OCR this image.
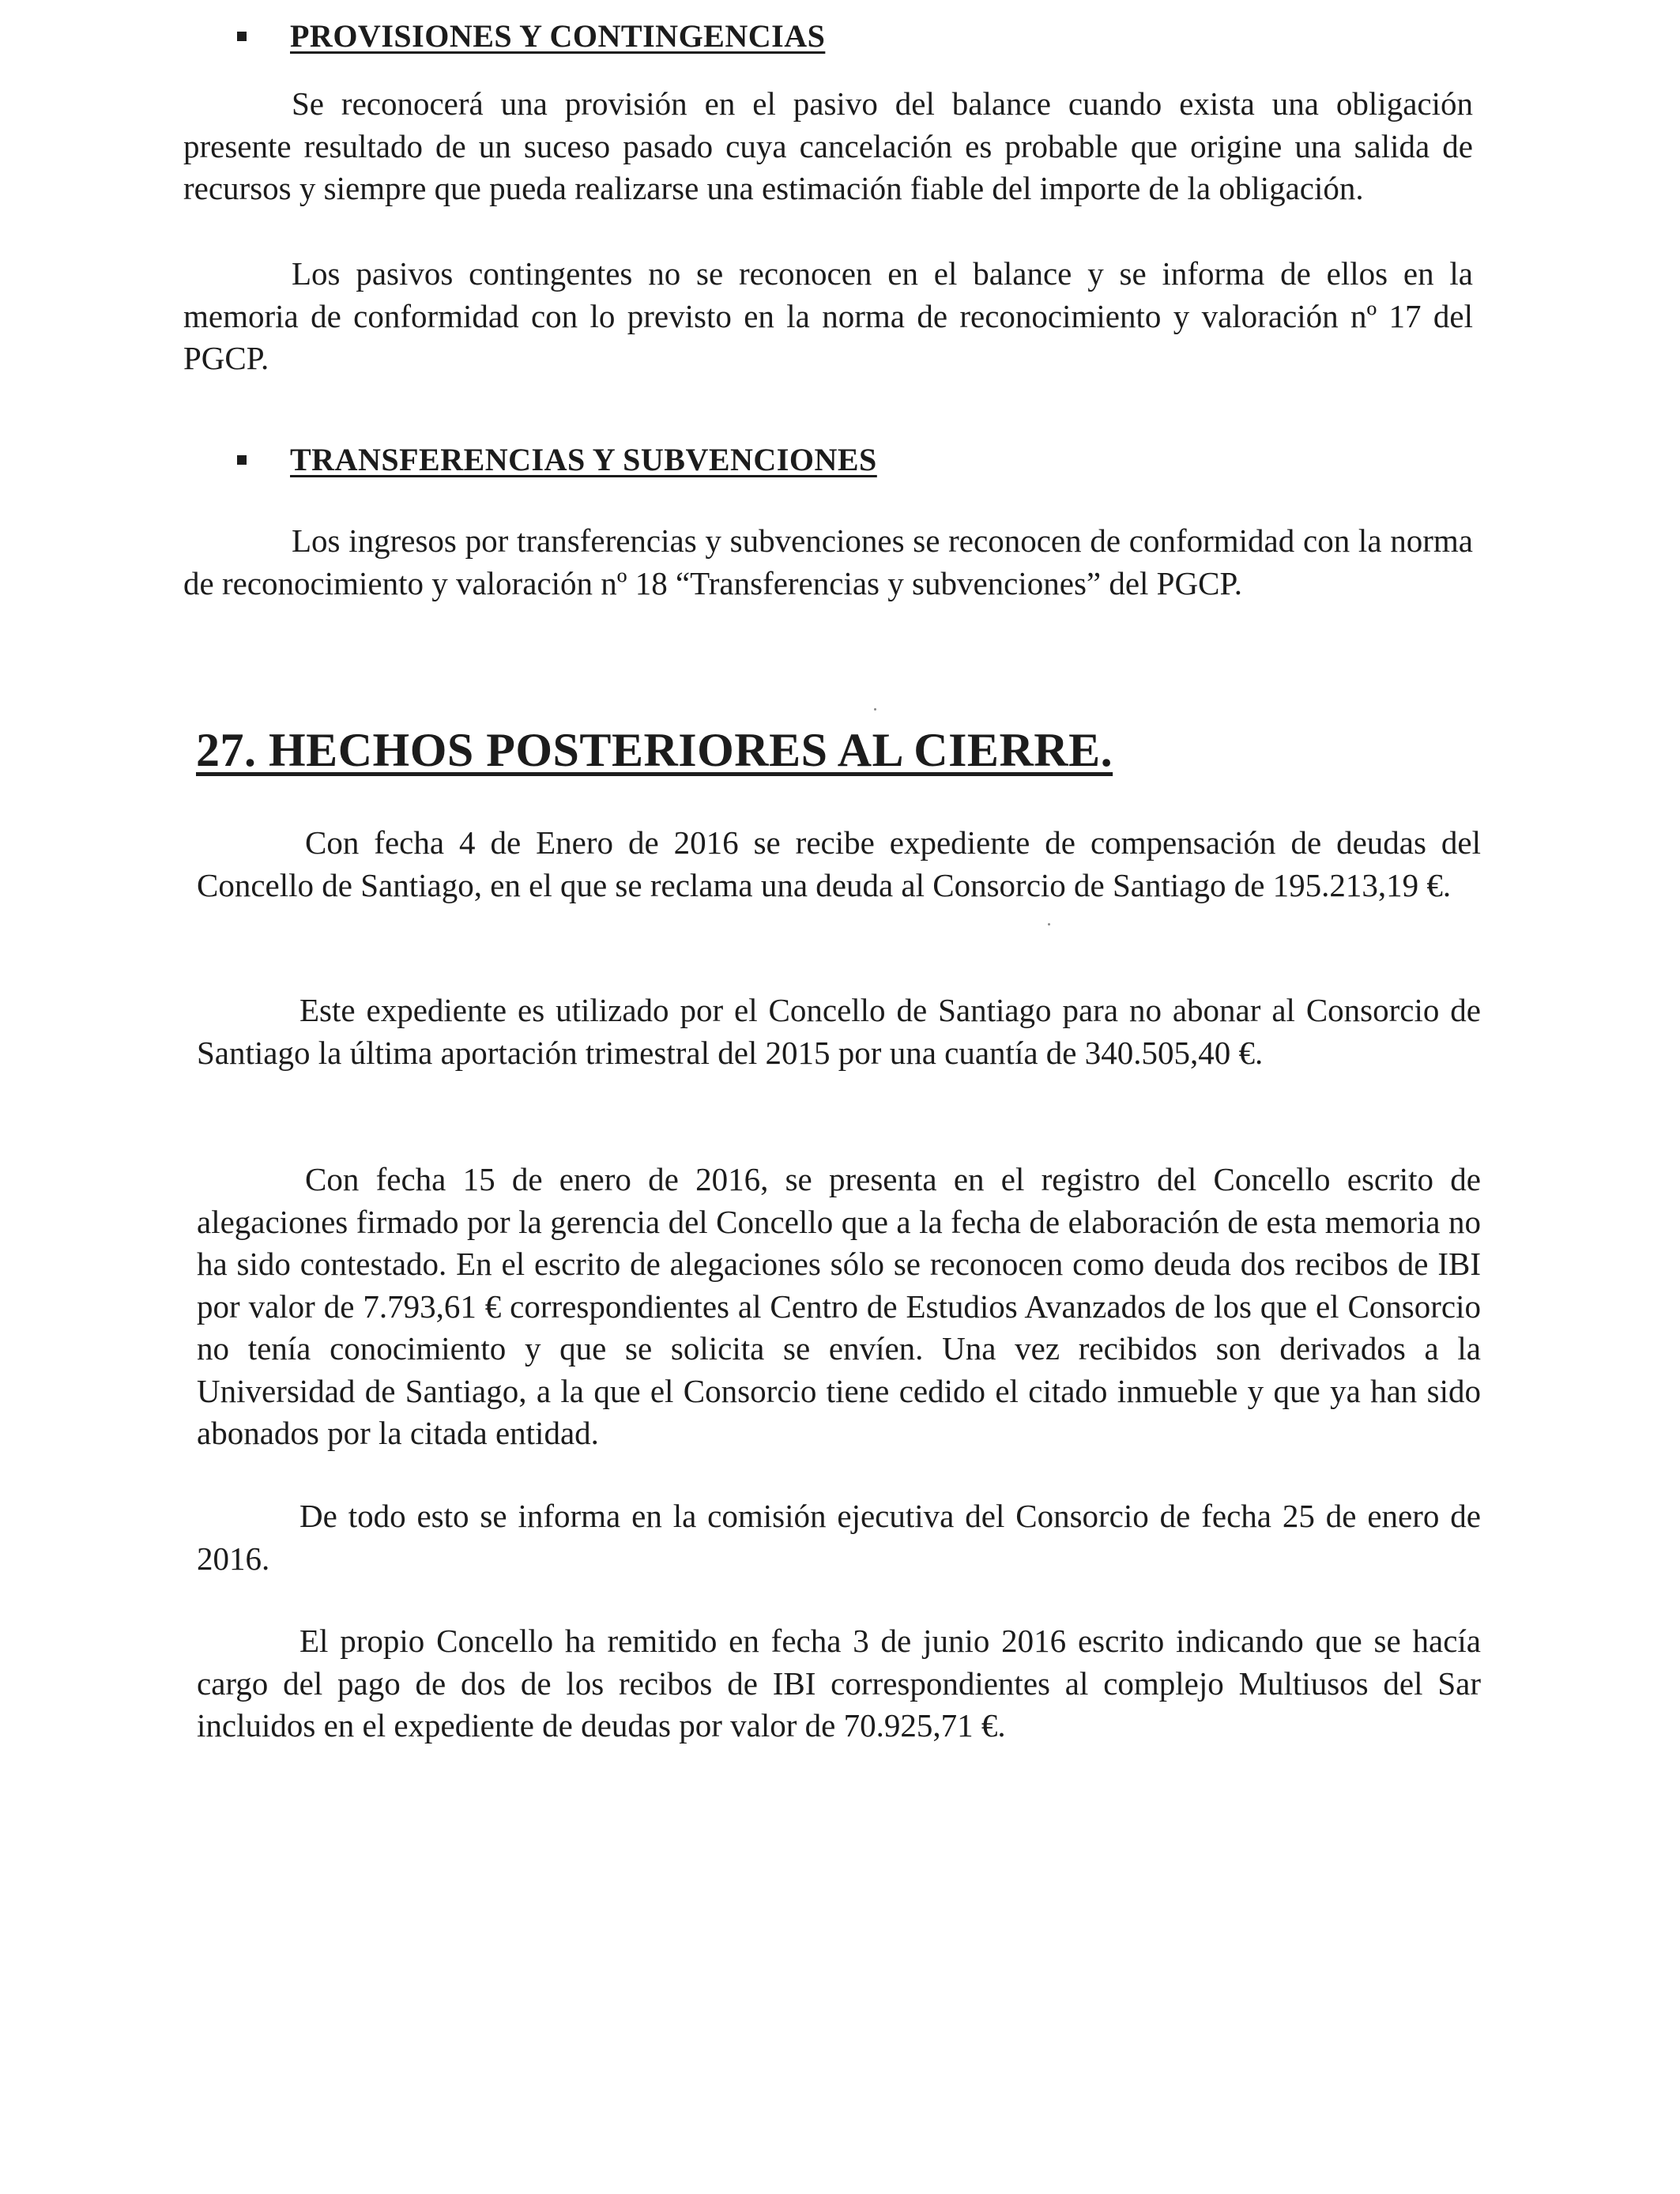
PROVISIONES Y CONTINGENCIAS

Se reconocerá una provisión en el pasivo del balance cuando exista una obligación presente resultado de un suceso pasado cuya cancelación es probable que origine una salida de recursos y siempre que pueda realizarse una estimación fiable del importe de la obligación.

Los pasivos contingentes no se reconocen en el balance y se informa de ellos en la memoria de conformidad con lo previsto en la norma de reconocimiento y valoración nº 17 del PGCP.

TRANSFERENCIAS Y SUBVENCIONES

Los ingresos por transferencias y subvenciones se reconocen de conformidad con la norma de reconocimiento y valoración nº 18 “Transferencias y subvenciones” del PGCP.

27. HECHOS POSTERIORES AL CIERRE.

Con fecha 4 de Enero de 2016 se recibe expediente de compensación de deudas del Concello de Santiago, en el que se reclama una deuda al Consorcio de Santiago de 195.213,19 €.

Este expediente es utilizado por el Concello de Santiago para no abonar al Consorcio de Santiago la última aportación trimestral del 2015 por una cuantía de 340.505,40 €.

Con fecha 15 de enero de 2016, se presenta en el registro del Concello escrito de alegaciones firmado por la gerencia del Concello que a la fecha de elaboración de esta memoria no ha sido contestado. En el escrito de alegaciones sólo se reconocen como deuda dos recibos de IBI por valor de 7.793,61 € correspondientes al Centro de Estudios Avanzados de los que el Consorcio no tenía conocimiento y que se solicita se envíen. Una vez recibidos son derivados a la Universidad de Santiago, a la que el Consorcio tiene cedido el citado inmueble y que ya han sido abonados por la citada entidad.

De todo esto se informa en la comisión ejecutiva del Consorcio de fecha 25 de enero de 2016.

El propio Concello ha remitido en fecha 3 de junio 2016 escrito indicando que se hacía cargo del pago de dos de los recibos de IBI correspondientes al complejo Multiusos del Sar incluidos en el expediente de deudas por valor de 70.925,71 €.
